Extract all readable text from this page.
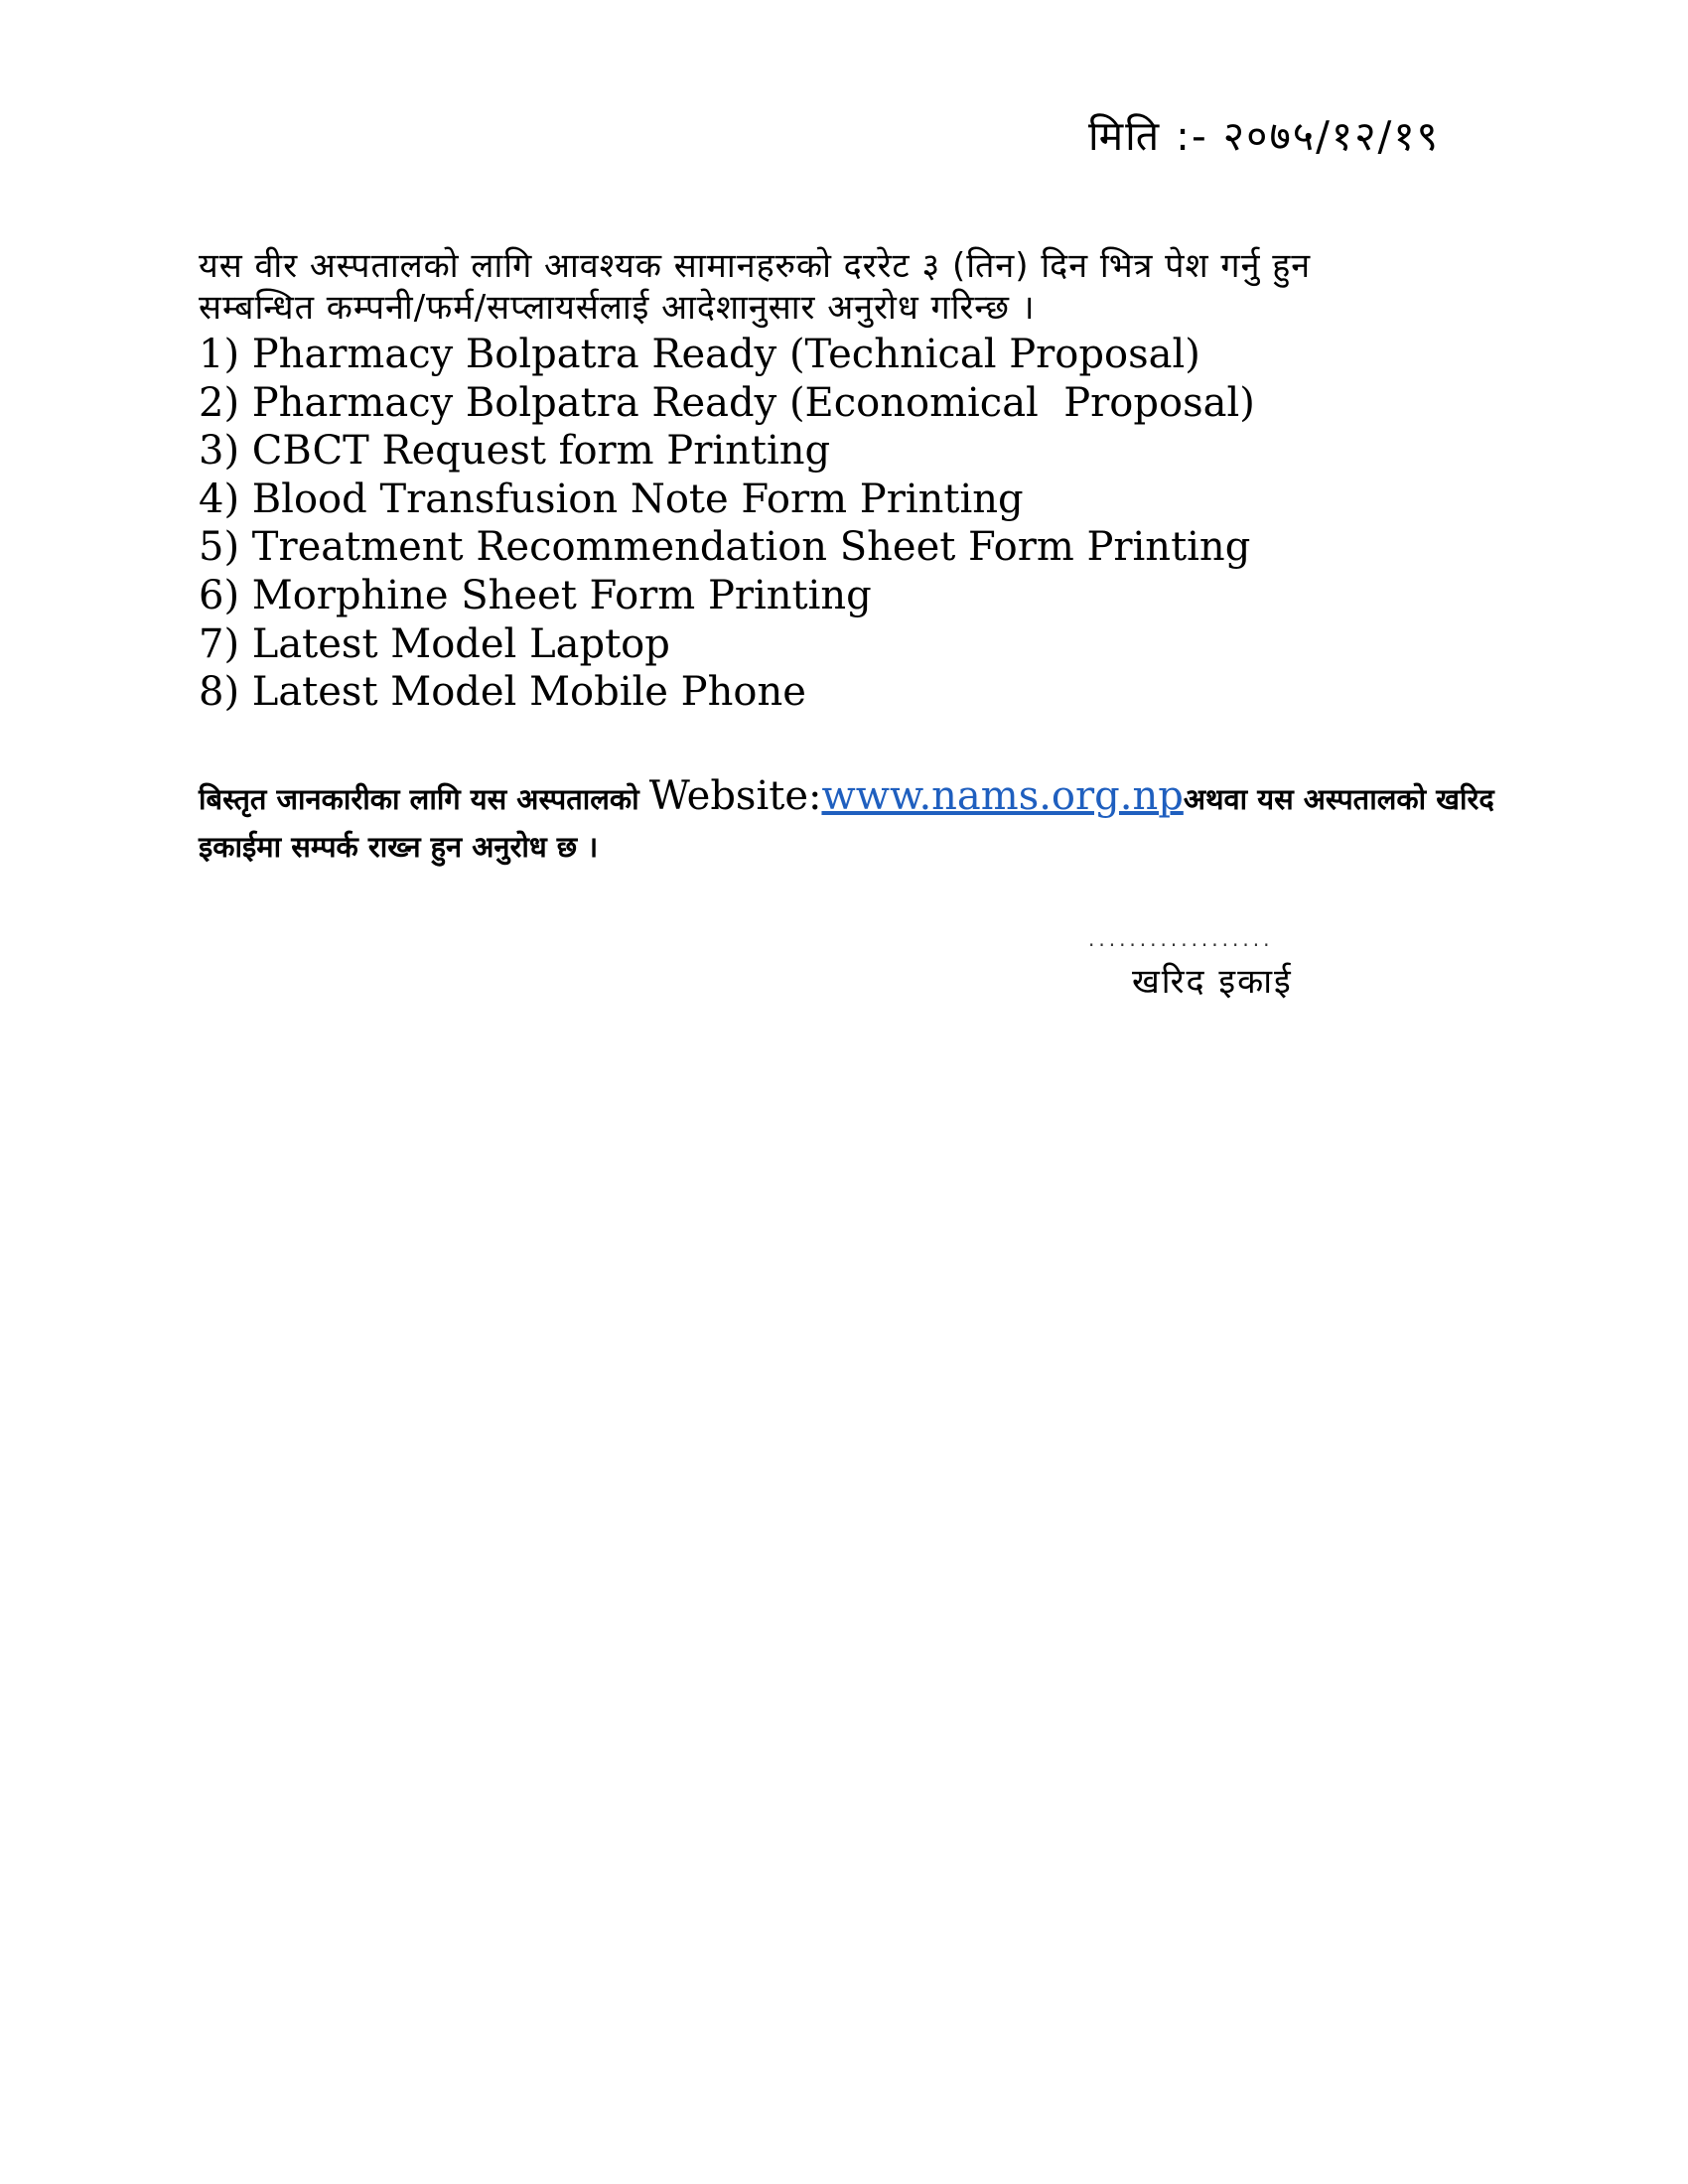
मिति :- २०७५/१२/१९
यस वीर अस्पतालको लागि आवश्यक सामानहरुको दररेट ३ (तिन) दिन भित्र पेश गर्नु हुन
सम्बन्धित कम्पनी/फर्म/सप्लायर्सलाई आदेशानुसार अनुरोध गरिन्छ ।
1) Pharmacy Bolpatra Ready (Technical Proposal)
2) Pharmacy Bolpatra Ready (Economical  Proposal)
3) CBCT Request form Printing
4) Blood Transfusion Note Form Printing
5) Treatment Recommendation Sheet Form Printing
6) Morphine Sheet Form Printing
7) Latest Model Laptop
8) Latest Model Mobile Phone
बिस्तृत जानकारीका लागि यस अस्पतालको Website:www.nams.org.npअथवा यस अस्पतालको खरिद
इकाईमा सम्पर्क राख्न हुन अनुरोध छ ।
..................
खरिद इकाई
